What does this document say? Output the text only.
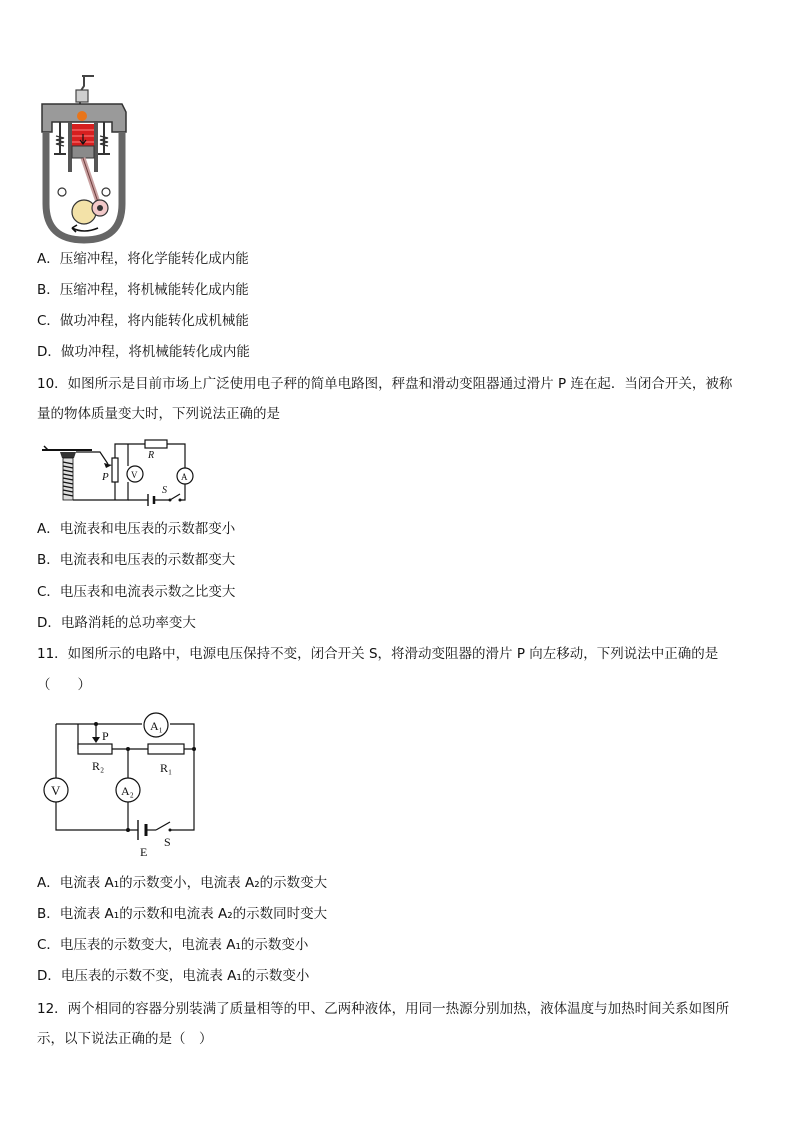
A．压缩冲程，将化学能转化成内能
B．压缩冲程，将机械能转化成内能
C．做功冲程，将内能转化成机械能
D．做功冲程，将机械能转化成内能
10．如图所示是目前市场上广泛使用电子秤的简单电路图，秤盘和滑动变阻器通过滑片 P 连在起．当闭合开关，被称
量的物体质量变大时，下列说法正确的是
P
R
V	A
S
A．电流表和电压表的示数都变小
B．电流表和电压表的示数都变大
C．电压表和电流表示数之比变大
D．电路消耗的总功率变大
11．如图所示的电路中，电源电压保持不变，闭合开关 S，将滑动变阻器的滑片 P 向左移动，下列说法中正确的是
（　　）
A₁
A₂
V
P
R₂	R₁
E
S
A．电流表 A₁的示数变小，电流表 A₂的示数变大
B．电流表 A₁的示数和电流表 A₂的示数同时变大
C．电压表的示数变大，电流表 A₁的示数变小
D．电压表的示数不变，电流表 A₁的示数变小
12．两个相同的容器分别装满了质量相等的甲、乙两种液体，用同一热源分别加热，液体温度与加热时间关系如图所
示，以下说法正确的是（　）
